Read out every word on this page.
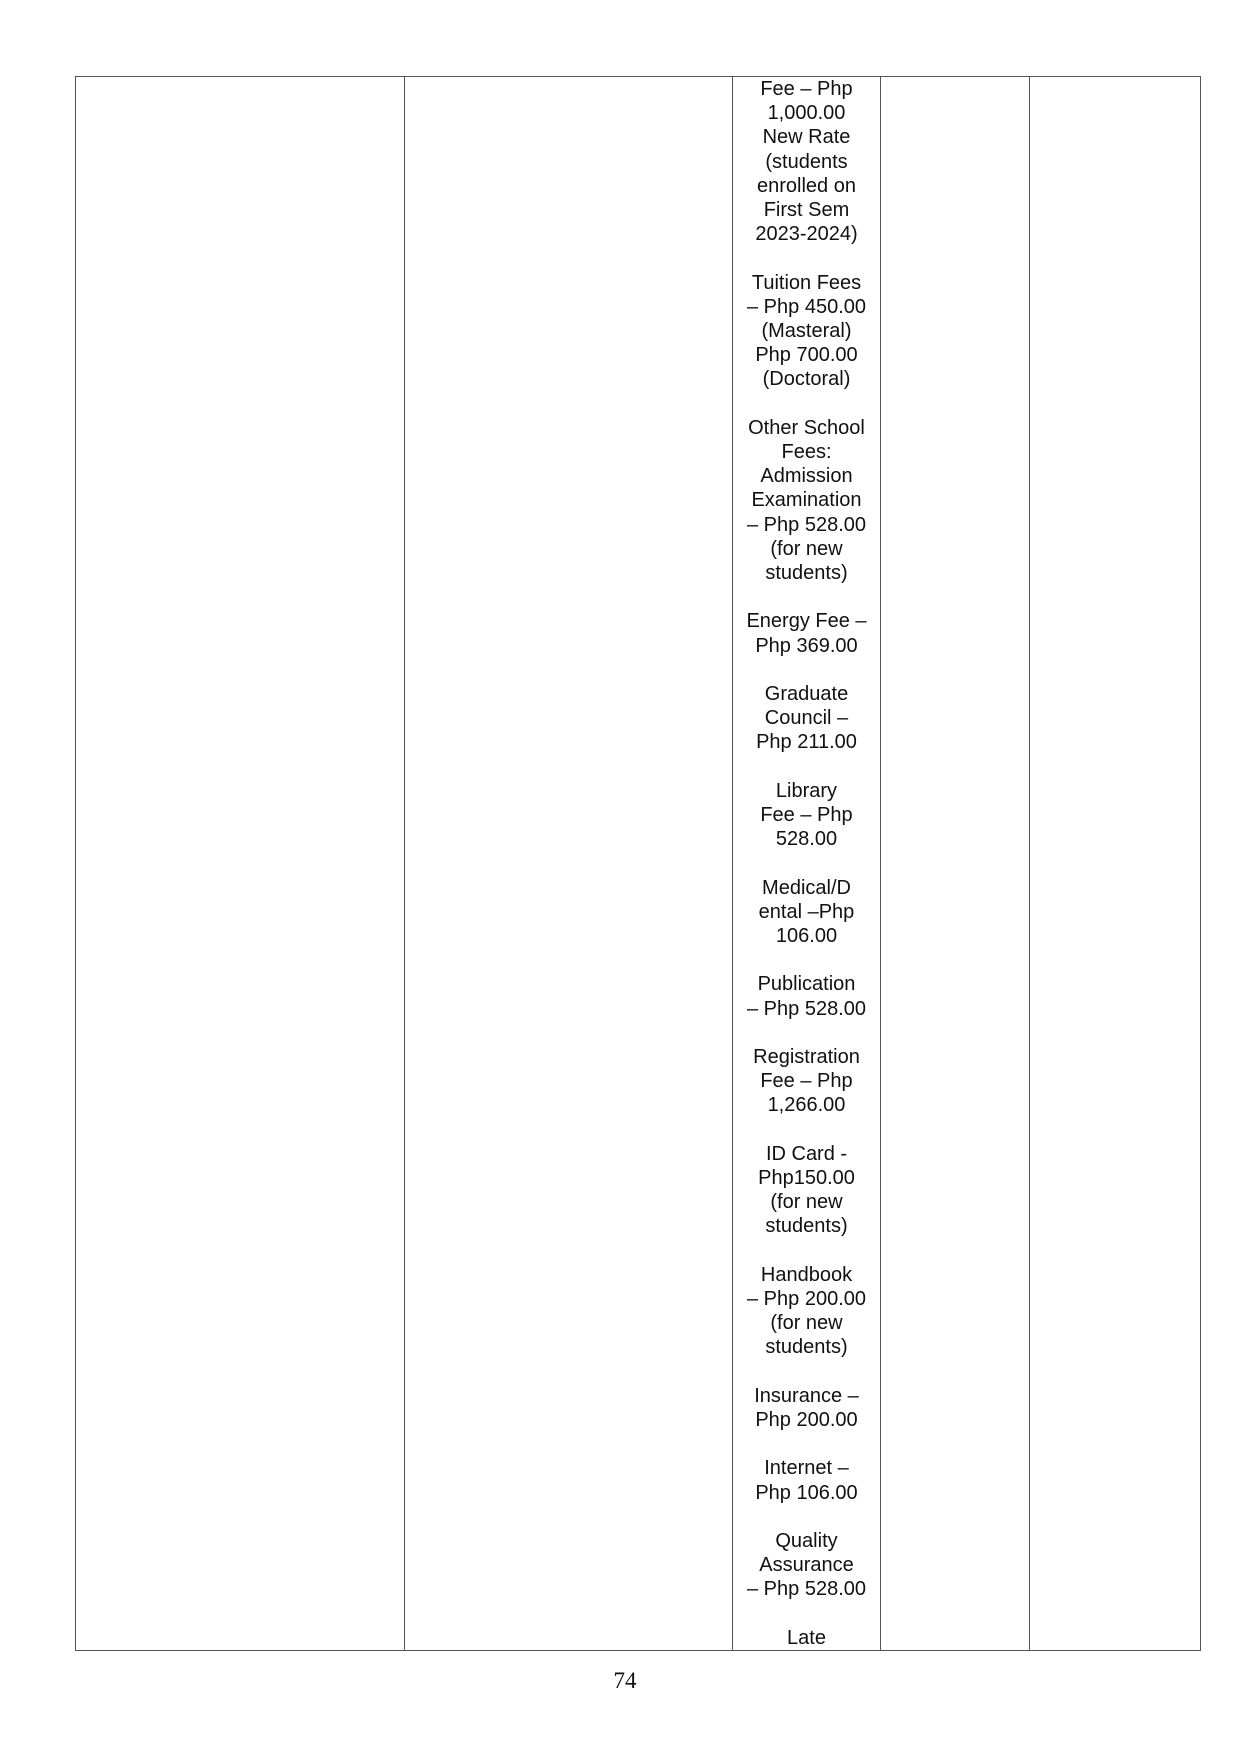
Fee – Php
1,000.00
New Rate
(students
enrolled on
First Sem
2023-2024)
Tuition Fees
– Php 450.00
(Masteral)
Php 700.00
(Doctoral)
Other School
Fees:
Admission
Examination
– Php 528.00
(for new
students)
Energy Fee –
Php 369.00
Graduate
Council –
Php 211.00
Library
Fee – Php
528.00
Medical/D
ental –Php
106.00
Publication
– Php 528.00
Registration
Fee – Php
1,266.00
ID Card -
Php150.00
(for new
students)
Handbook
– Php 200.00
(for new
students)
Insurance –
Php 200.00
Internet –
Php 106.00
Quality
Assurance
– Php 528.00
Late

74
